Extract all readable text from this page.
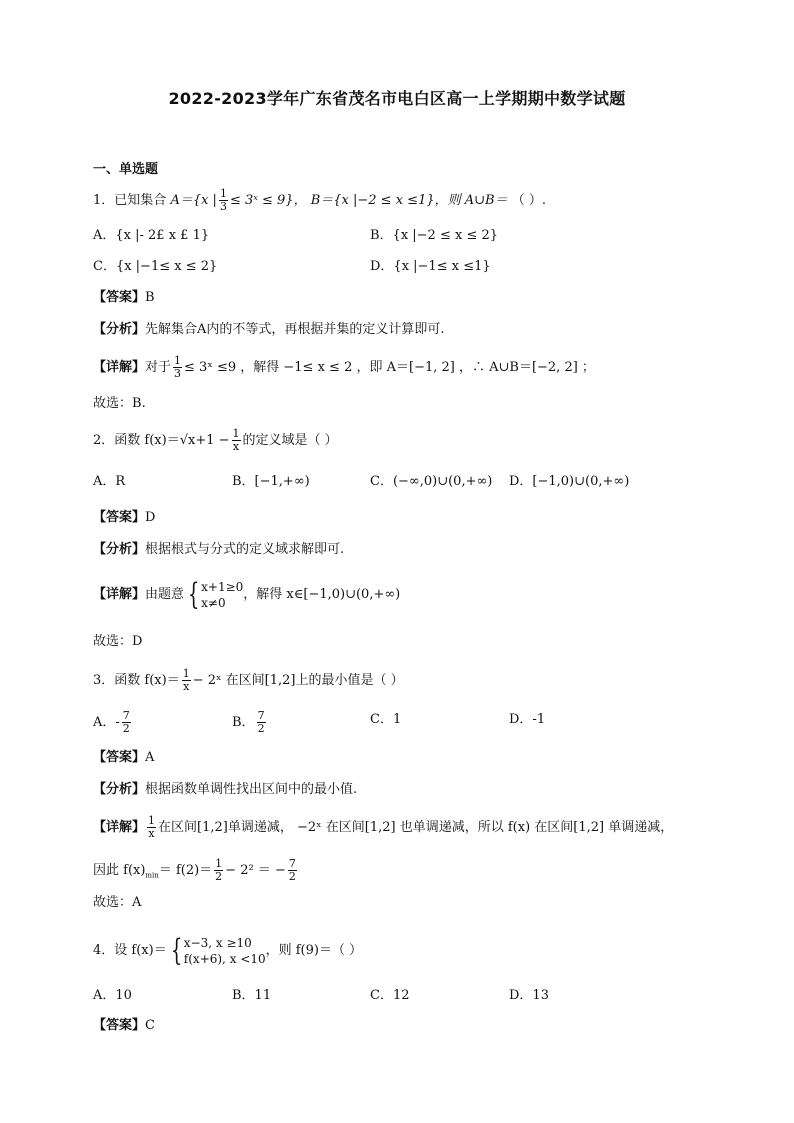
2022-2023学年广东省茂名市电白区高一上学期期中数学试题
一、单选题
1．已知集合 A＝{x | $\frac{1}{3}$ ≤ 3ˣ ≤ 9}， B＝{x |−2 ≤ x ≤1}，则 A∪B＝ （ ）.
A．{x |- 2£ x £ 1}	B．{x |−2 ≤ x ≤ 2}
C．{x |−1≤ x ≤ 2}	D．{x |−1≤ x ≤1}
【答案】B
【分析】先解集合A内的不等式，再根据并集的定义计算即可.
【详解】对于 $\frac{1}{3}$ ≤ 3ˣ ≤9 ，解得 −1≤ x ≤ 2 ，即 A＝[−1, 2] ，∴ A∪B＝[−2, 2] ；
故选：B.
2．函数 $f(x)=√x+1 - \frac{1}{x}$ 的定义域是（ ）
A．R	B．[−1,+∞)	C．(−∞,0)∪(0,+∞) D．[−1,0)∪(0,+∞)
【答案】D
【分析】根据根式与分式的定义域求解即可.
【详解】由题意 { x+1≥0
x≠0
，解得 x∈[−1,0)∪(0,+∞)
故选：D
3．函数 $f(x)= \frac{1}{x}$ − 2ˣ 在区间[1,2]上的最小值是（ ）
A．- $\frac{7}{2}$	B． $\frac{7}{2}$	C．1	D．-1
【答案】A
【分析】根据函数单调性找出区间中的最小值.
【详解】 $\frac{1}{x}$ 在区间[1,2]单调递减， −2ˣ 在区间[1,2] 也单调递减，所以 f(x) 在区间[1,2] 单调递减，
因此 $f(x)_{min}= f(2)= \frac{1}{2} - 2^2$ ＝ − $\frac{7}{2}$
故选：A
4．设 f(x)＝ { x−3, x ≥10
f(x+6), x <10
，则 f(9)＝（ ）
A．10	B．11	C．12	D．13
【答案】C
